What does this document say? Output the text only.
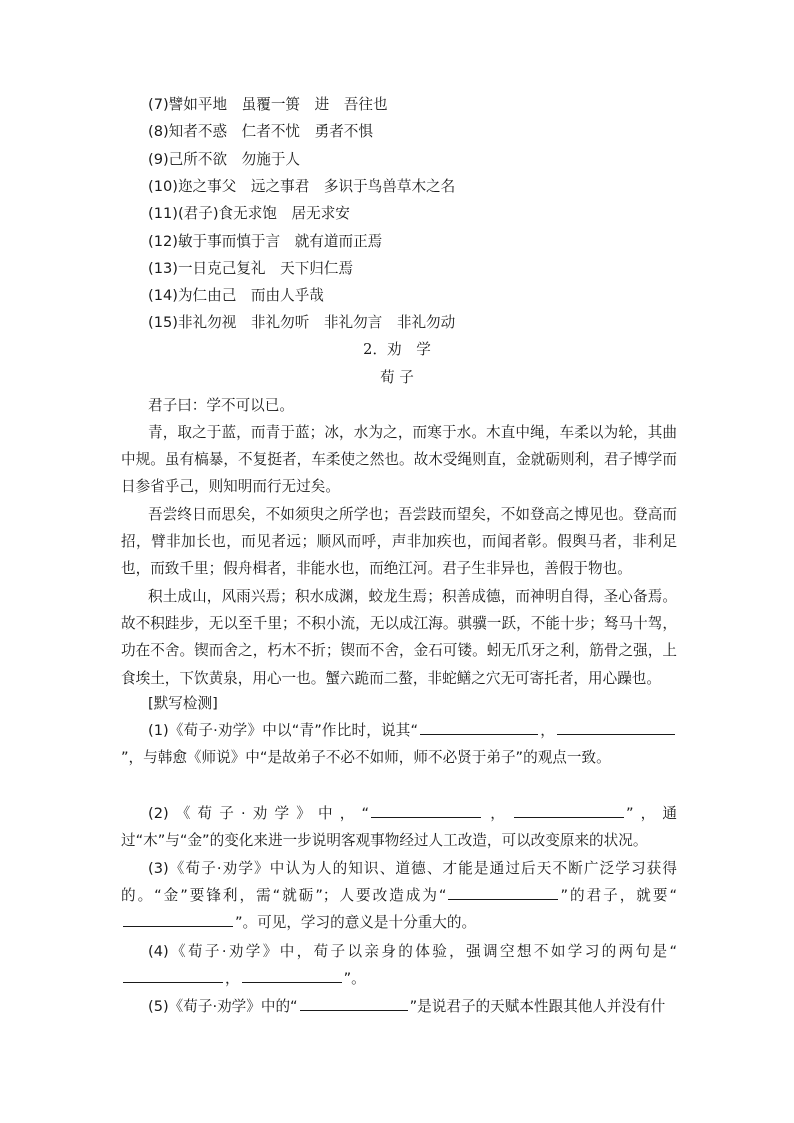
(7)譬如平地　虽覆一篑　进　吾往也
(8)知者不惑　仁者不忧　勇者不惧
(9)己所不欲　勿施于人
(10)迩之事父　远之事君　多识于鸟兽草木之名
(11)(君子)食无求饱　居无求安
(12)敏于事而慎于言　就有道而正焉
(13)一日克己复礼　天下归仁焉
(14)为仁由己　而由人乎哉
(15)非礼勿视　非礼勿听　非礼勿言　非礼勿动
2．劝　学
荀 子
君子曰：学不可以已。
青，取之于蓝，而青于蓝；冰，水为之，而寒于水。木直中绳，车柔以为轮，其曲中规。虽有槁暴，不复挺者，车柔使之然也。故木受绳则直，金就砺则利，君子博学而日参省乎己，则知明而行无过矣。
吾尝终日而思矣，不如须臾之所学也；吾尝跂而望矣，不如登高之博见也。登高而招，臂非加长也，而见者远；顺风而呼，声非加疾也，而闻者彰。假舆马者，非利足也，而致千里；假舟楫者，非能水也，而绝江河。君子生非异也，善假于物也。
积土成山，风雨兴焉；积水成渊，蛟龙生焉；积善成德，而神明自得，圣心备焉。故不积跬步，无以至千里；不积小流，无以成江海。骐骥一跃，不能十步；驽马十驾，功在不舍。锲而舍之，朽木不折；锲而不舍，金石可镂。蚓无爪牙之利，筋骨之强，上食埃土，下饮黄泉，用心一也。蟹六跪而二螯，非蛇鳝之穴无可寄托者，用心躁也。
[默写检测]
(1)《荀子·劝学》中以“青”作比时，说其“	，”，与韩愈《师说》中“是故弟子不必不如师，师不必贤于弟子”的观点一致。
(2)《荀子·劝学》中，“	，	”，通过“木”与“金”的变化来进一步说明客观事物经过人工改造，可以改变原来的状况。
(3)《荀子·劝学》中认为人的知识、道德、才能是通过后天不断广泛学习获得的。“金”要锋利，需“就砺”；人要改造成为“	”的君子，就要“”。可见，学习的意义是十分重大的。
(4)《荀子·劝学》中，荀子以亲身的体验，强调空想不如学习的两句是“，	”。
(5)《荀子·劝学》中的“	”是说君子的天赋本性跟其他人并没有什
